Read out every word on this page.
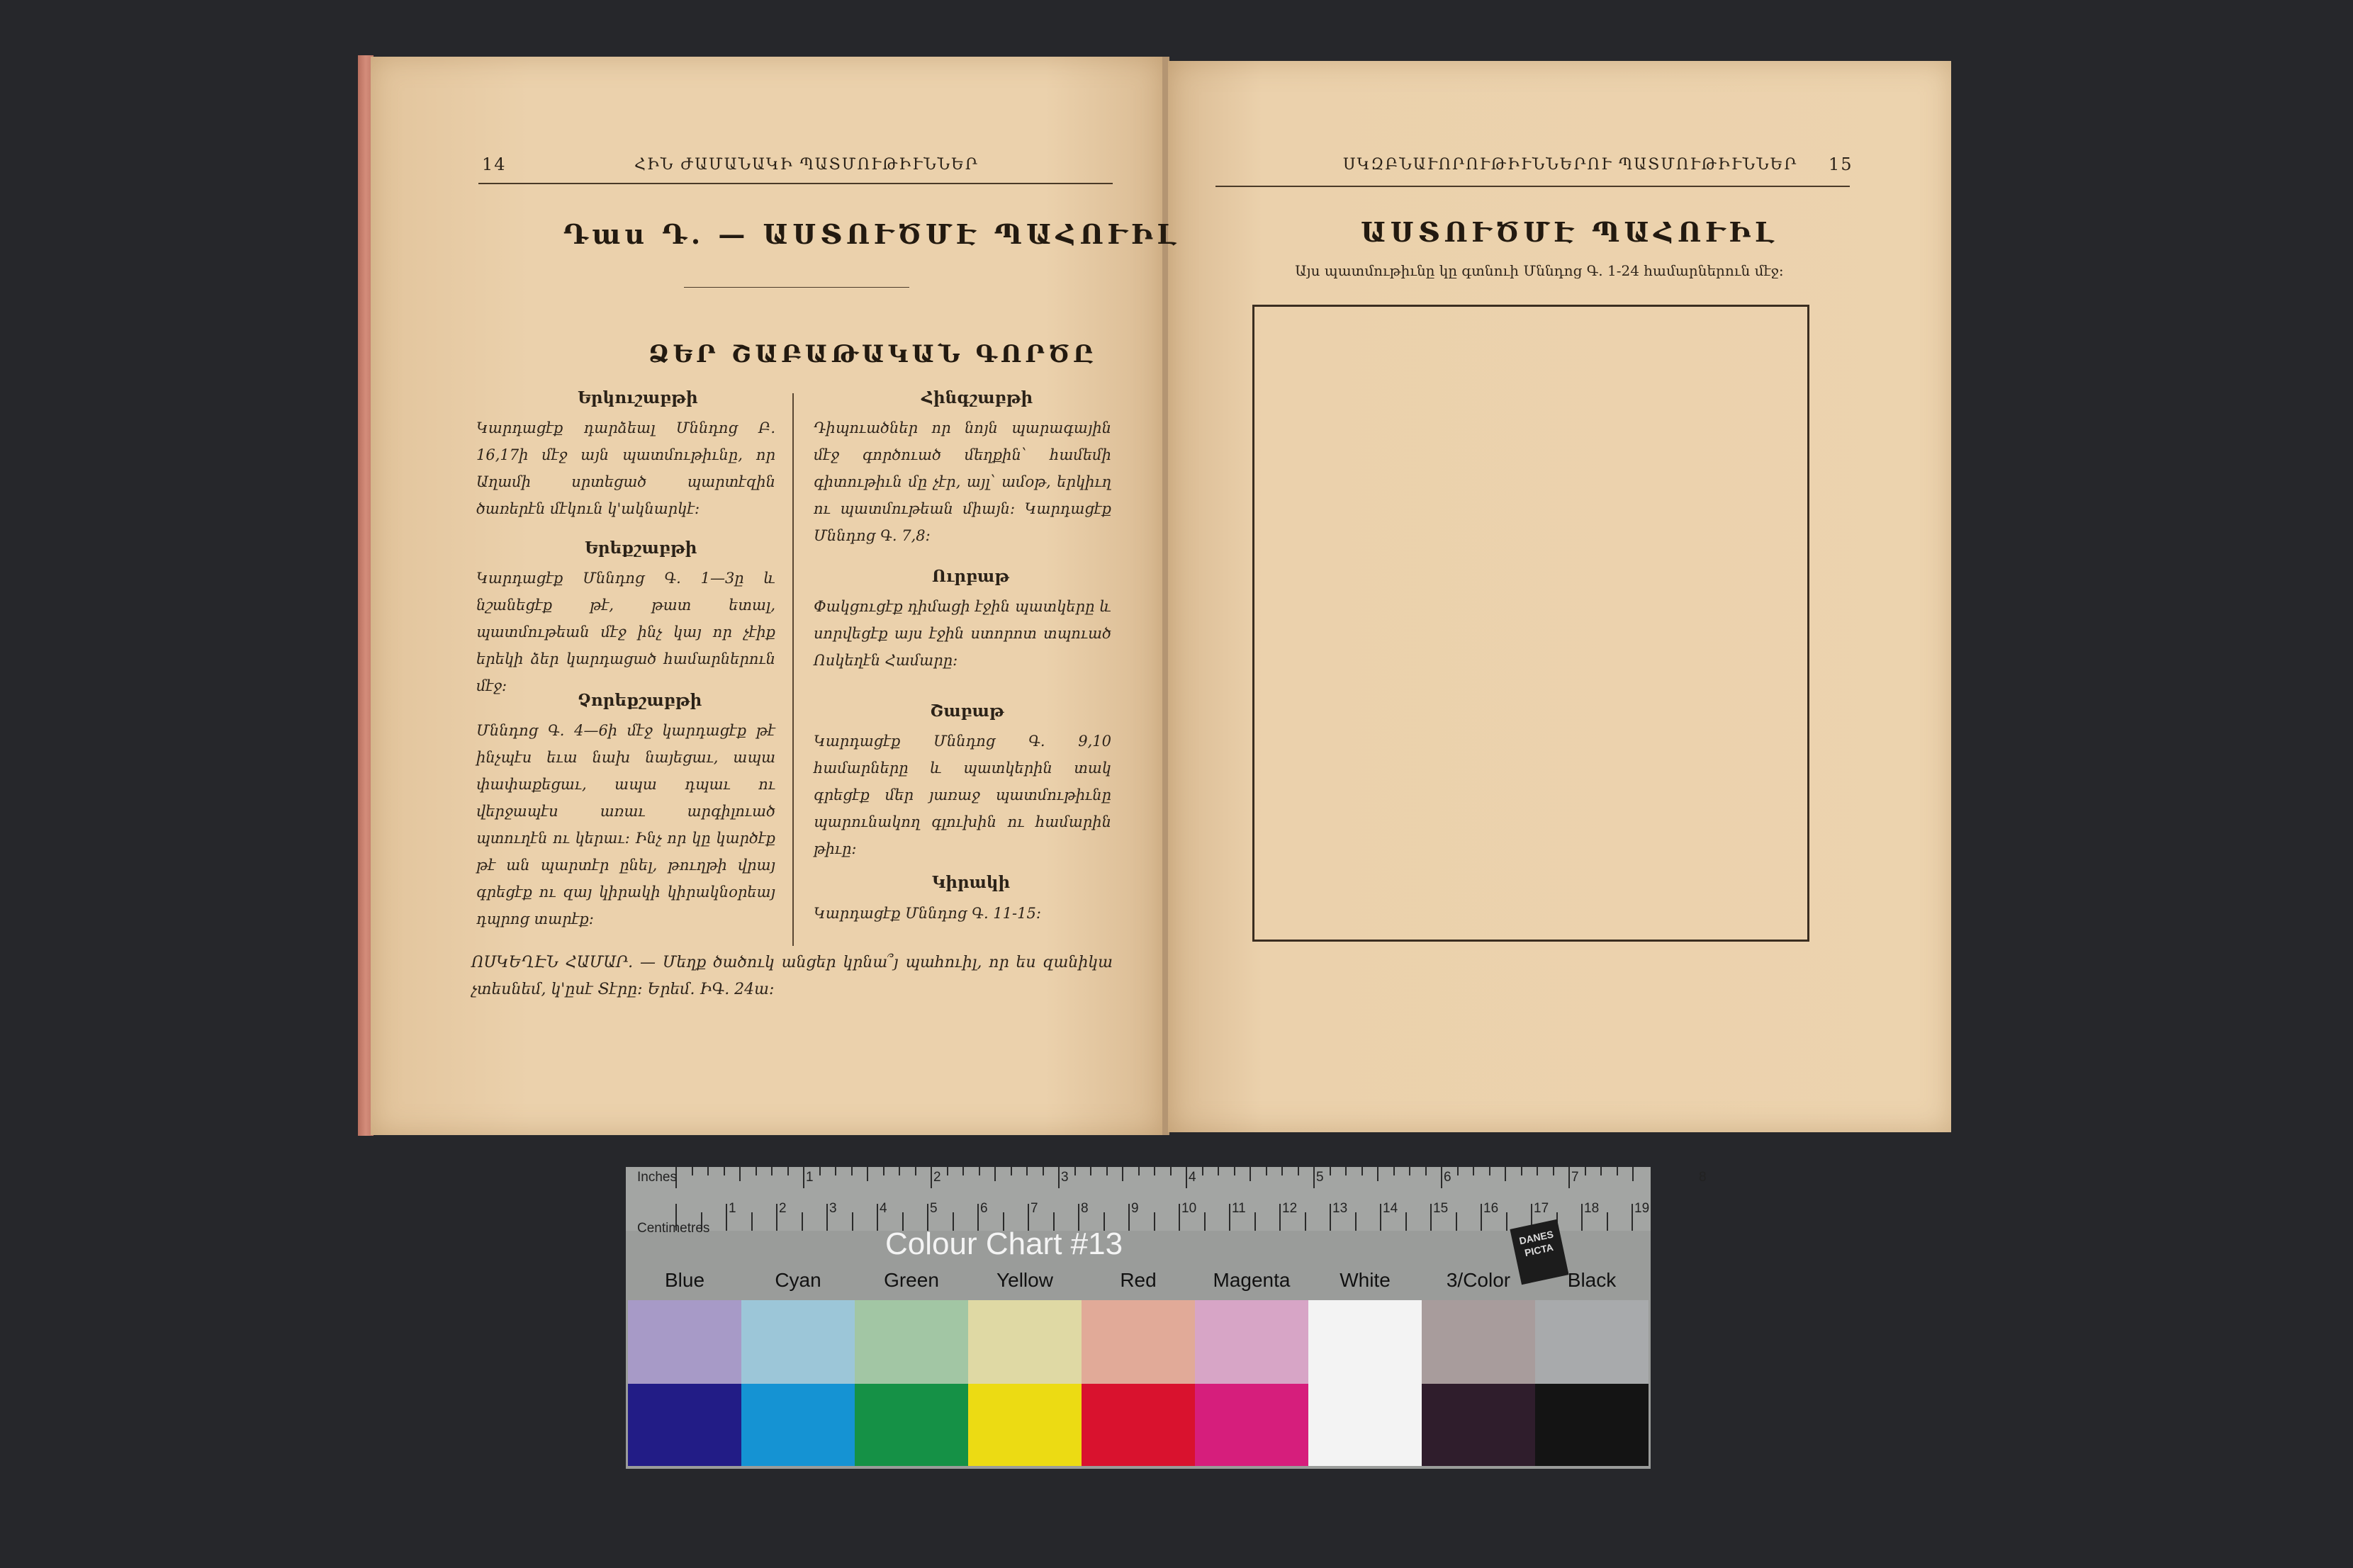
14	ՀԻՆ ԺԱՄԱՆԱԿԻ ՊԱՏՄՈՒԹԻՒՆՆԵՐ
Դաս Դ. — ԱՍՏՈՒԾՄԷ ՊԱՀՈՒԻԼ
ՁԵՐ ՇԱԲԱԹԱԿԱՆ ԳՈՐԾԸ
Երկուշաբթի
Կարդացէք դարձեալ Մննդոց Բ. 16,17ի մէջ այն պատմութիւնը, որ Աղամի սրտեցած պարտէզին ծառերէն մէկուն կ'ակնարկէ։
Երեքշաբթի
Կարդացէք Մննդոց Գ. 1—3ը և նշանեցէք թէ, թատ ետալ, պատմութեան մէջ ինչ կայ որ չէիք երեկի ձեր կարդացած համարներուն մէջ։
Չորեքշաբթի
Մննդոց Գ. 4—6ի մէջ կարդացէք թէ ինչպէս եւա նախ նայեցաւ, ապա փափաքեցաւ, ապա դպաւ ու վերջապէս առաւ արգիլուած պտուղէն ու կերաւ։ Ինչ որ կը կարծէք թէ ան պարտէր ընել, թուղթի վրայ գրեցէք ու զայ կիրակի կիրակնօրեայ դպրոց տարէք։
Հինգշաբթի
Դիպուածներ որ նոյն պարագային մէջ գործուած մեղքին՝ համեմի գիտութիւն մը չէր, այլ՝ ամօթ, երկիւղ ու պատմութեան միայն։ Կարդացէք Մննդոց Գ. 7,8։
Ուրբաթ
Փակցուցէք դիմացի էջին պատկերը և սորվեցէք այս էջին ստորոտ տպուած Ոսկեղէն Համարը։
Շաբաթ
Կարդացէք Մննդոց Գ. 9,10 համարները և պատկերին տակ գրեցէք մեր յառաջ պատմութիւնը պարունակող գլուխին ու համարին թիւը։
Կիրակի
Կարդացէք Մննդոց Գ. 11-15։
ՈՍԿԵՂԷՆ ՀԱՄԱՐ. — Մեղք ծածուկ անցեր կրնա՞յ պահուիլ, որ ես զանիկա չտեսնեմ, կ'ըսէ Տէրը։ Երեմ. ԻԳ. 24ա։
ՍԿԶԲՆԱՒՈՐՈՒԹԻՒՆՆԵՐՈՒ ՊԱՏՄՈՒԹԻՒՆՆԵՐ 15
ԱՍՏՈՒԾՄԷ ՊԱՀՈՒԻԼ
Այս պատմութիւնը կը գտնուի Մննդոց Գ. 1-24 համարներուն մէջ։
1	2	3	4	5	6	7	8
1	2	3	4	5	6	7	8	9	10	11	12	13	14	15	16	17	18	19
Inches
Centimetres	Colour Chart #13	DANES PICTA
Blue	Cyan	Green	Yellow	Red	Magenta	White	3/Color	Black
